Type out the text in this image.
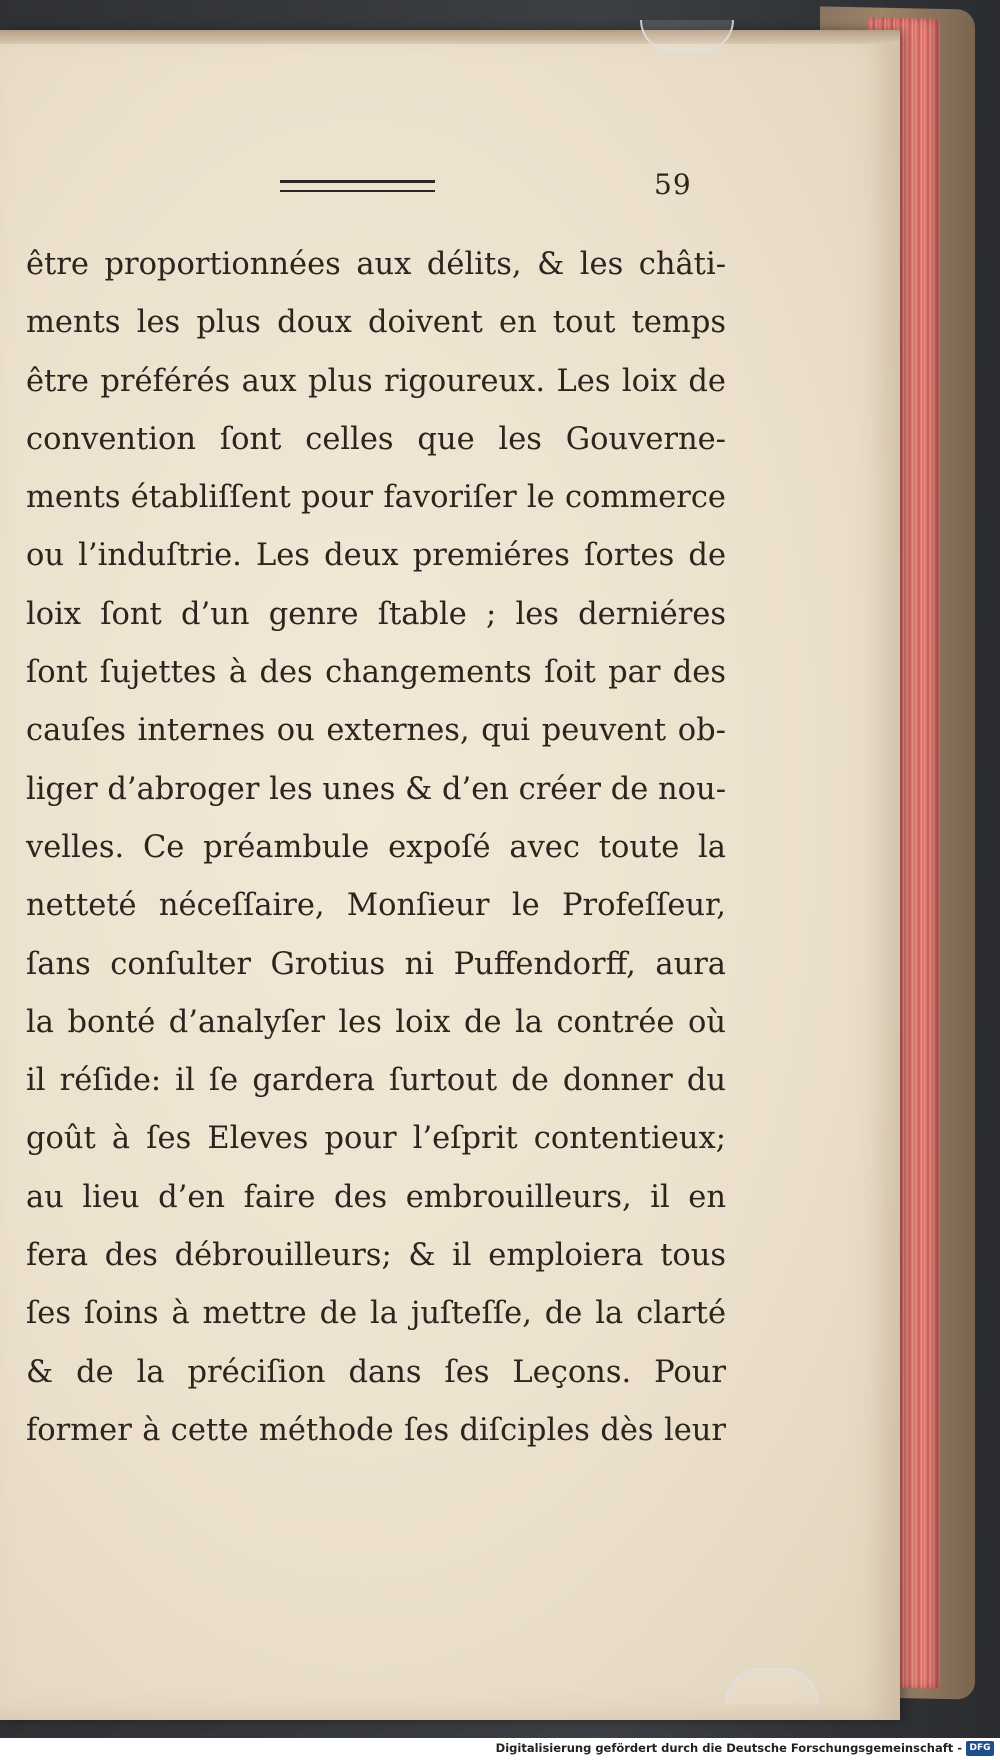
59
être proportionnées aux délits, & les châti-
ments les plus doux doivent en tout temps
être préférés aux plus rigoureux. Les loix de
convention ſont celles que les Gouverne-
ments établiſſent pour favoriſer le commerce
ou l’induſtrie. Les deux premiéres ſortes de
loix ſont d’un genre ſtable ; les derniéres
ſont ſujettes à des changements ſoit par des
cauſes internes ou externes, qui peuvent ob-
liger d’abroger les unes & d’en créer de nou-
velles. Ce préambule expoſé avec toute la
netteté néceſſaire, Monſieur le Profeſſeur,
ſans conſulter Grotius ni Puffendorff, aura
la bonté d’analyſer les loix de la contrée où
il réſide: il ſe gardera ſurtout de donner du
goût à ſes Eleves pour l’eſprit contentieux;
au lieu d’en faire des embrouilleurs, il en
fera des débrouilleurs; & il emploiera tous
ſes ſoins à mettre de la juſteſſe, de la clarté
& de la préciſion dans ſes Leçons. Pour
former à cette méthode ſes diſciples dès leur
Digitalisierung gefördert durch die Deutsche Forschungsgemeinschaft - DFG
